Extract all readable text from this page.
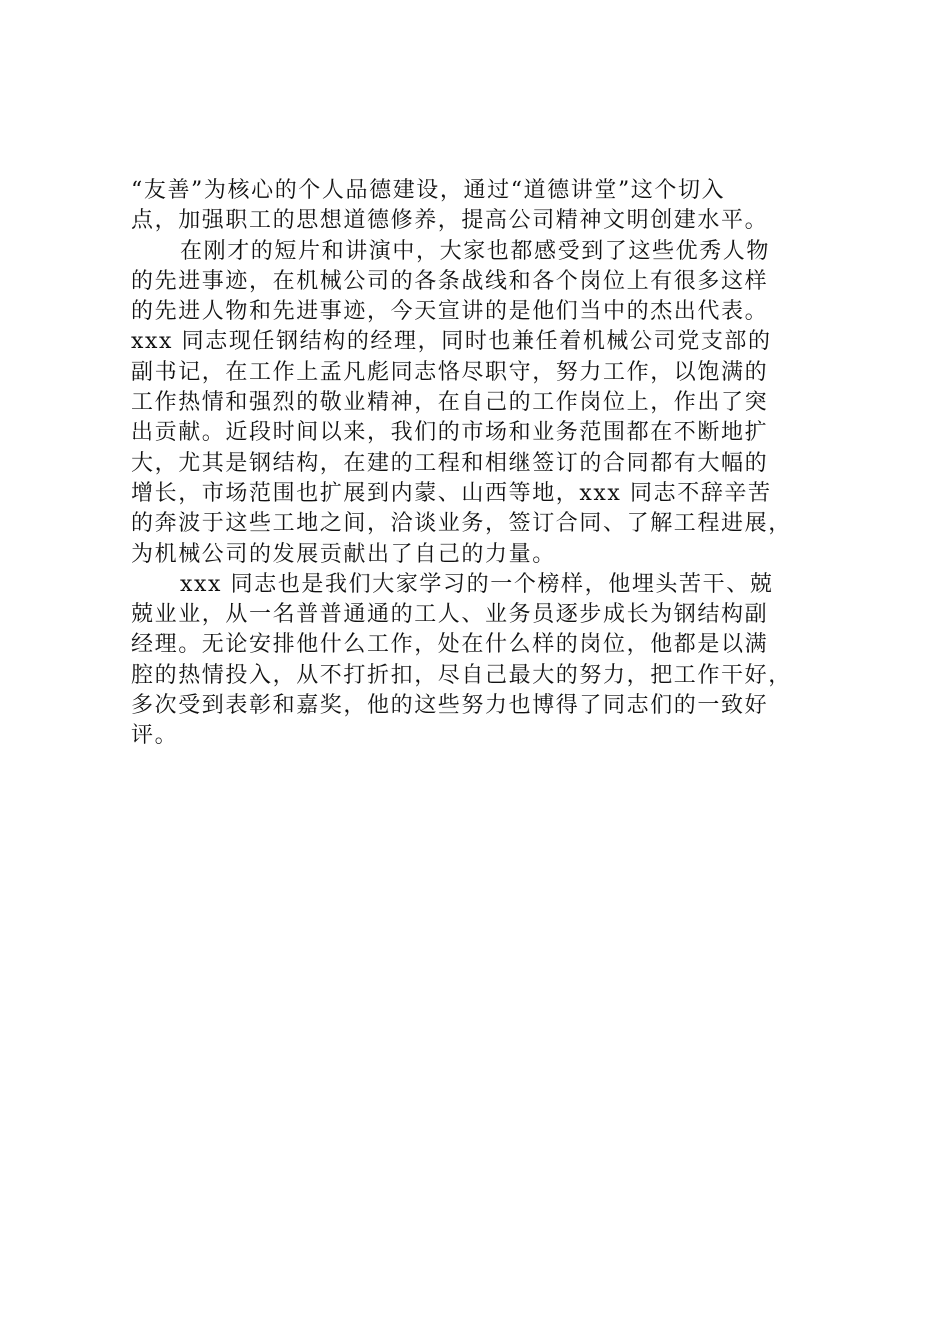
“友善”为核心的个人品德建设，通过“道德讲堂”这个切入
点，加强职工的思想道德修养，提高公司精神文明创建水平。
在刚才的短片和讲演中，大家也都感受到了这些优秀人物
的先进事迹，在机械公司的各条战线和各个岗位上有很多这样
的先进人物和先进事迹，今天宣讲的是他们当中的杰出代表。
xxx 同志现任钢结构的经理，同时也兼任着机械公司党支部的
副书记，在工作上孟凡彪同志恪尽职守，努力工作，以饱满的
工作热情和强烈的敬业精神，在自己的工作岗位上，作出了突
出贡献。近段时间以来，我们的市场和业务范围都在不断地扩
大，尤其是钢结构，在建的工程和相继签订的合同都有大幅的
增长，市场范围也扩展到内蒙、山西等地，xxx 同志不辞辛苦
的奔波于这些工地之间，洽谈业务，签订合同、了解工程进展，
为机械公司的发展贡献出了自己的力量。
xxx 同志也是我们大家学习的一个榜样，他埋头苦干、兢
兢业业，从一名普普通通的工人、业务员逐步成长为钢结构副
经理。无论安排他什么工作，处在什么样的岗位，他都是以满
腔的热情投入，从不打折扣，尽自己最大的努力，把工作干好，
多次受到表彰和嘉奖，他的这些努力也博得了同志们的一致好
评。
